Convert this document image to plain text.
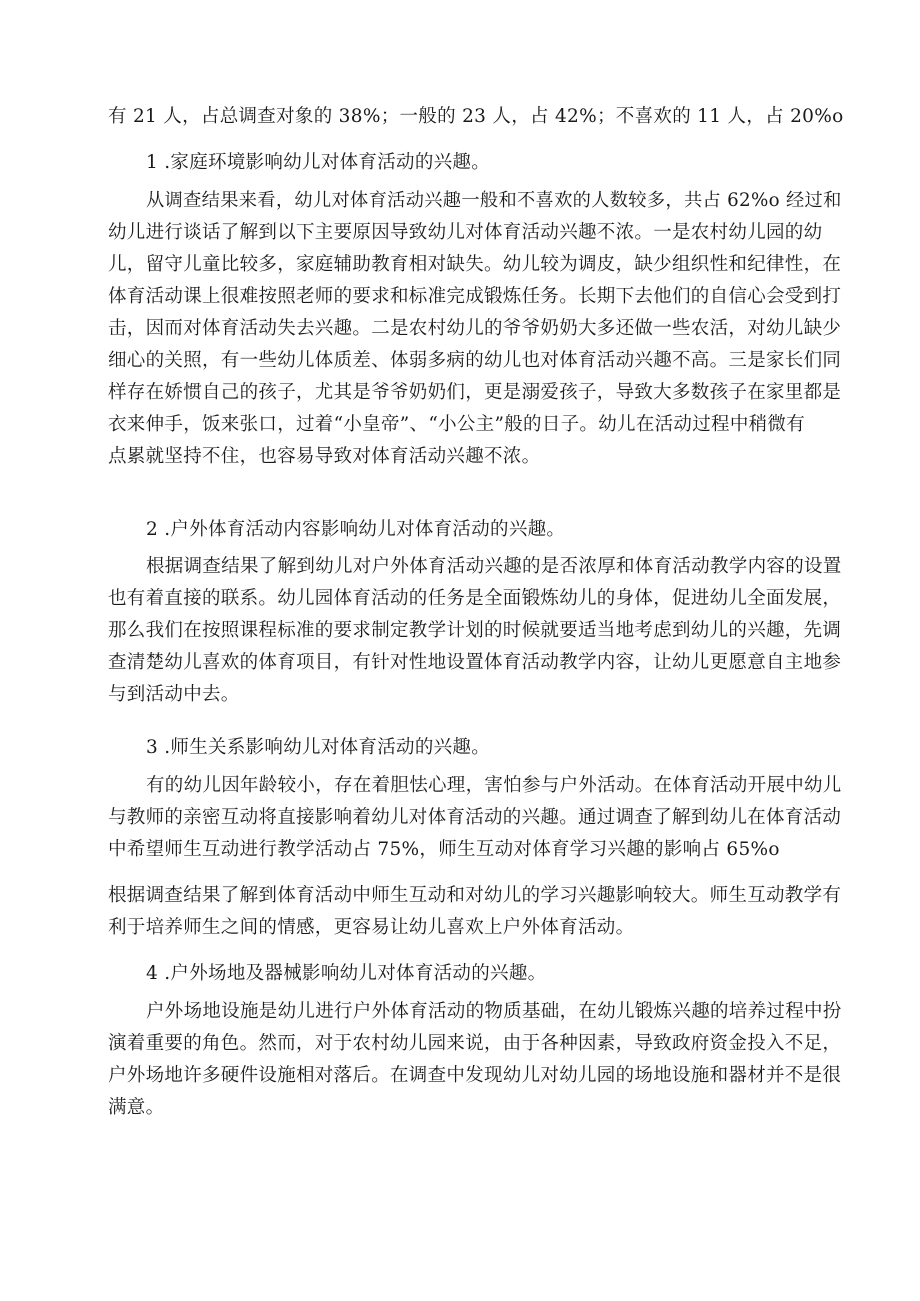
有 21 人，占总调查对象的 38%；一般的 23 人，占 42%；不喜欢的 11 人，占 20%o

1 .家庭环境影响幼儿对体育活动的兴趣。

从调查结果来看，幼儿对体育活动兴趣一般和不喜欢的人数较多，共占 62%o 经过和

幼儿进行谈话了解到以下主要原因导致幼儿对体育活动兴趣不浓。一是农村幼儿园的幼

儿，留守儿童比较多，家庭辅助教育相对缺失。幼儿较为调皮，缺少组织性和纪律性，在

体育活动课上很难按照老师的要求和标准完成锻炼任务。长期下去他们的自信心会受到打

击，因而对体育活动失去兴趣。二是农村幼儿的爷爷奶奶大多还做一些农活，对幼儿缺少

细心的关照，有一些幼儿体质差、体弱多病的幼儿也对体育活动兴趣不高。三是家长们同

样存在娇惯自己的孩子，尤其是爷爷奶奶们，更是溺爱孩子，导致大多数孩子在家里都是

衣来伸手，饭来张口，过着“小皇帝”、“小公主”般的日子。幼儿在活动过程中稍微有

点累就坚持不住，也容易导致对体育活动兴趣不浓。

2 .户外体育活动内容影响幼儿对体育活动的兴趣。

根据调查结果了解到幼儿对户外体育活动兴趣的是否浓厚和体育活动教学内容的设置

也有着直接的联系。幼儿园体育活动的任务是全面锻炼幼儿的身体，促进幼儿全面发展，

那么我们在按照课程标准的要求制定教学计划的时候就要适当地考虑到幼儿的兴趣，先调

查清楚幼儿喜欢的体育项目，有针对性地设置体育活动教学内容，让幼儿更愿意自主地参

与到活动中去。

3 .师生关系影响幼儿对体育活动的兴趣。

有的幼儿因年龄较小，存在着胆怯心理，害怕参与户外活动。在体育活动开展中幼儿

与教师的亲密互动将直接影响着幼儿对体育活动的兴趣。通过调查了解到幼儿在体育活动

中希望师生互动进行教学活动占 75%，师生互动对体育学习兴趣的影响占 65%o

根据调查结果了解到体育活动中师生互动和对幼儿的学习兴趣影响较大。师生互动教学有

利于培养师生之间的情感，更容易让幼儿喜欢上户外体育活动。

4 .户外场地及器械影响幼儿对体育活动的兴趣。

户外场地设施是幼儿进行户外体育活动的物质基础，在幼儿锻炼兴趣的培养过程中扮

演着重要的角色。然而，对于农村幼儿园来说，由于各种因素，导致政府资金投入不足，

户外场地许多硬件设施相对落后。在调查中发现幼儿对幼儿园的场地设施和器材并不是很

满意。
